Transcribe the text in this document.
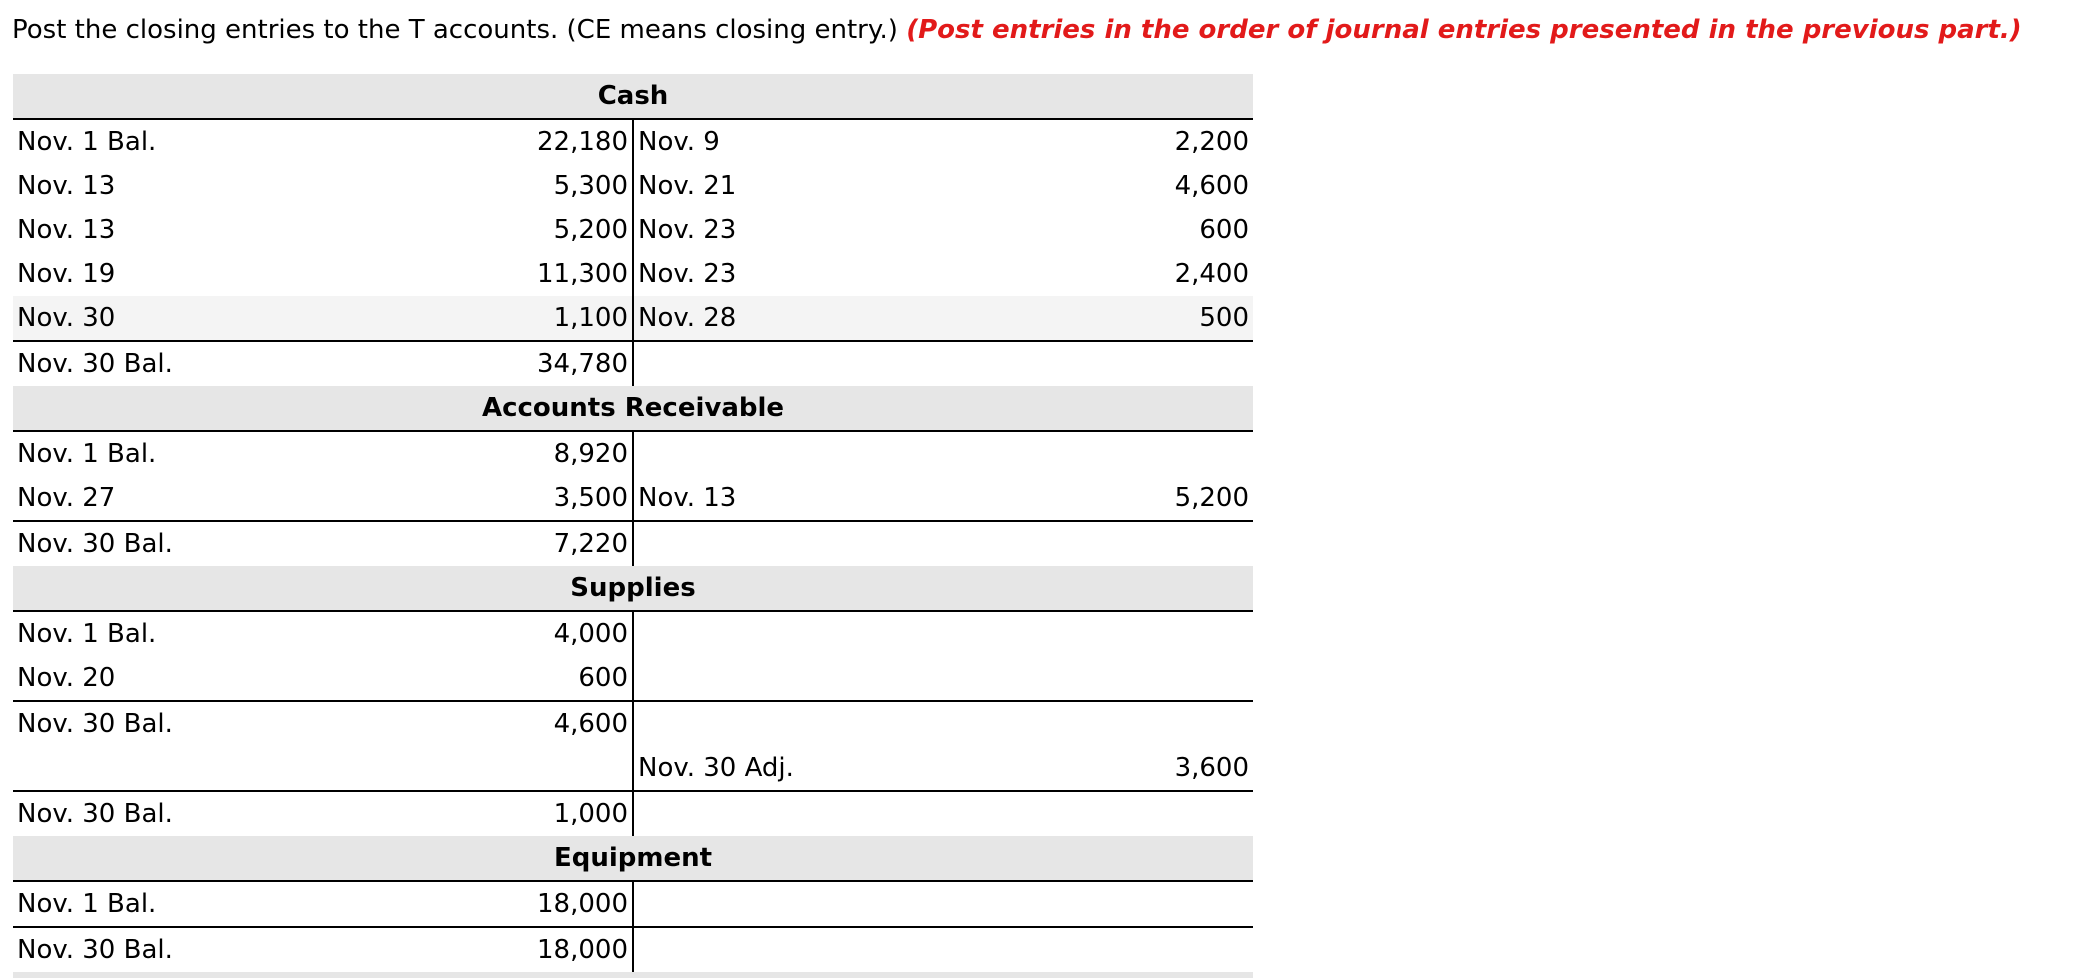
Post the closing entries to the T accounts. (CE means closing entry.) (Post entries in the order of journal entries presented in the previous part.)
Cash			
Nov. 1 Bal.	22,180	Nov. 9	2,200
Nov. 13	5,300	Nov. 21	4,600
Nov. 13	5,200	Nov. 23	600
Nov. 19	11,300	Nov. 23	2,400
Nov. 30	1,100	Nov. 28	500
Nov. 30 Bal.	34,780		
Accounts Receivable			
Nov. 1 Bal.	8,920		
Nov. 27	3,500	Nov. 13	5,200
Nov. 30 Bal.	7,220		
Supplies			
Nov. 1 Bal.	4,000		
Nov. 20	600		
Nov. 30 Bal.	4,600		
		Nov. 30 Adj.	3,600
Nov. 30 Bal.	1,000		
Equipment			
Nov. 1 Bal.	18,000		
Nov. 30 Bal.	18,000		
